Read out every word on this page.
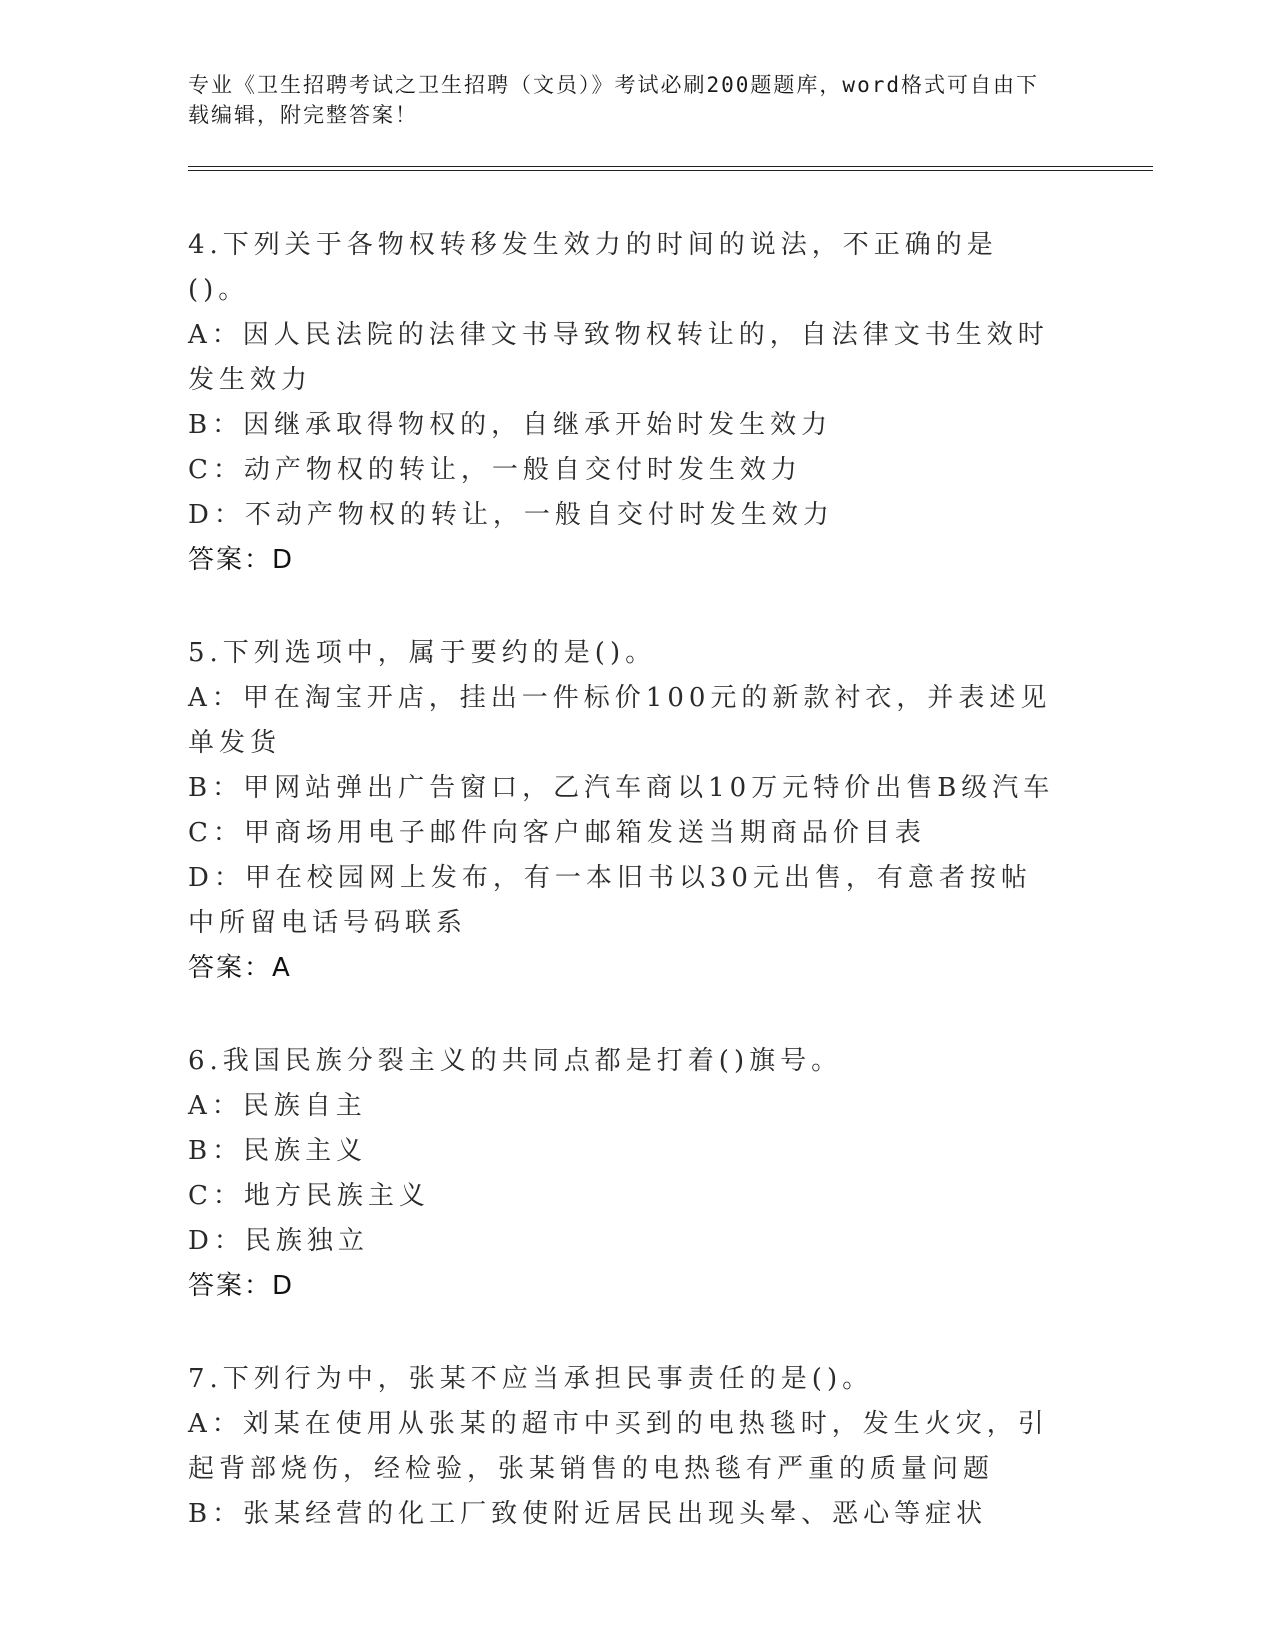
专业《卫生招聘考试之卫生招聘（文员）》考试必刷200题题库，word格式可自由下载编辑，附完整答案！

4.下列关于各物权转移发生效力的时间的说法，不正确的是()。
A：因人民法院的法律文书导致物权转让的，自法律文书生效时发生效力
B：因继承取得物权的，自继承开始时发生效力
C：动产物权的转让，一般自交付时发生效力
D：不动产物权的转让，一般自交付时发生效力
答案：D
5.下列选项中，属于要约的是()。
A：甲在淘宝开店，挂出一件标价100元的新款衬衣，并表述见单发货
B：甲网站弹出广告窗口，乙汽车商以10万元特价出售B级汽车
C：甲商场用电子邮件向客户邮箱发送当期商品价目表
D：甲在校园网上发布，有一本旧书以30元出售，有意者按帖中所留电话号码联系
答案：A
6.我国民族分裂主义的共同点都是打着()旗号。
A：民族自主
B：民族主义
C：地方民族主义
D：民族独立
答案：D
7.下列行为中，张某不应当承担民事责任的是()。
A：刘某在使用从张某的超市中买到的电热毯时，发生火灾，引起背部烧伤，经检验，张某销售的电热毯有严重的质量问题
B：张某经营的化工厂致使附近居民出现头晕、恶心等症状
